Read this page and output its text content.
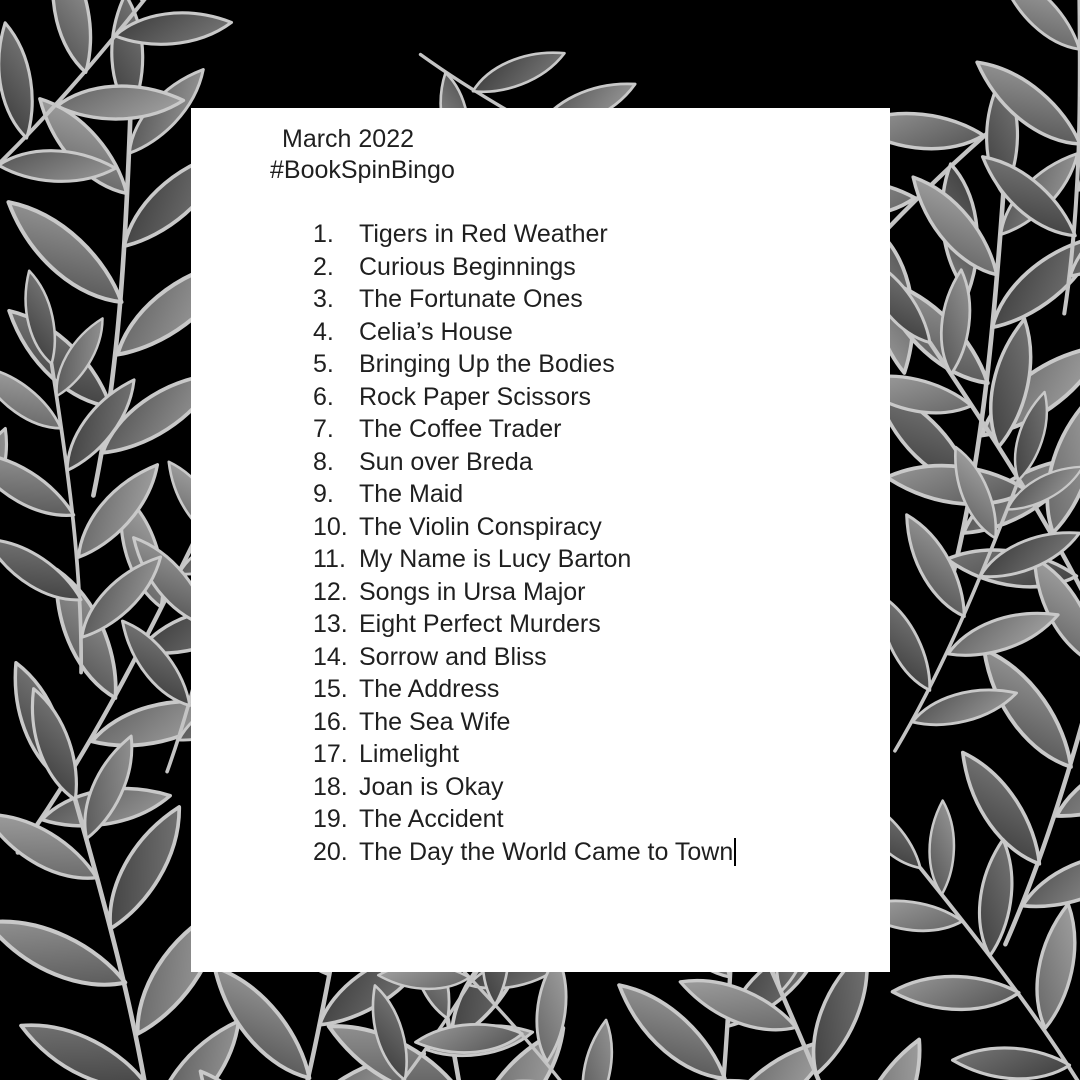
March 2022
#BookSpinBingo
1.	Tigers in Red Weather
2.	Curious Beginnings
3.	The Fortunate Ones
4.	Celia’s House
5.	Bringing Up the Bodies
6.	Rock Paper Scissors
7.	The Coffee Trader
8.	Sun over Breda
9.	The Maid
10. The Violin Conspiracy
11. My Name is Lucy Barton
12. Songs in Ursa Major
13. Eight Perfect Murders
14. Sorrow and Bliss
15. The Address
16. The Sea Wife
17. Limelight
18. Joan is Okay
19. The Accident
20. The Day the World Came to Town
